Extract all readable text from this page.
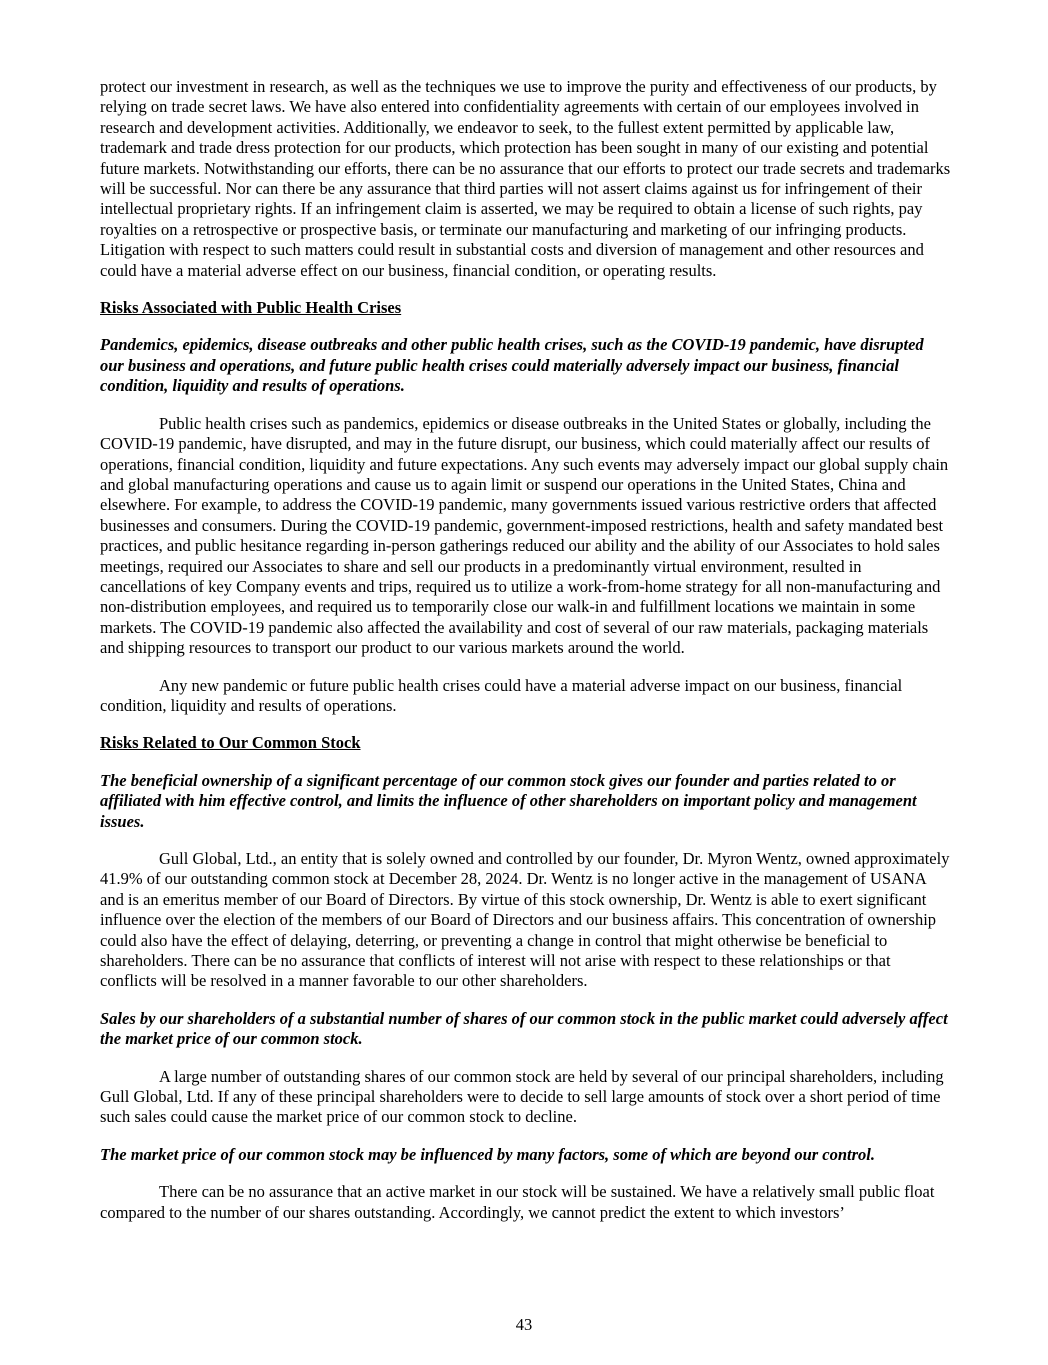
protect our investment in research, as well as the techniques we use to improve the purity and effectiveness of our products, by relying on trade secret laws. We have also entered into confidentiality agreements with certain of our employees involved in research and development activities. Additionally, we endeavor to seek, to the fullest extent permitted by applicable law, trademark and trade dress protection for our products, which protection has been sought in many of our existing and potential future markets. Notwithstanding our efforts, there can be no assurance that our efforts to protect our trade secrets and trademarks will be successful. Nor can there be any assurance that third parties will not assert claims against us for infringement of their intellectual proprietary rights. If an infringement claim is asserted, we may be required to obtain a license of such rights, pay royalties on a retrospective or prospective basis, or terminate our manufacturing and marketing of our infringing products. Litigation with respect to such matters could result in substantial costs and diversion of management and other resources and could have a material adverse effect on our business, financial condition, or operating results.

Risks Associated with Public Health Crises

Pandemics, epidemics, disease outbreaks and other public health crises, such as the COVID-19 pandemic, have disrupted our business and operations, and future public health crises could materially adversely impact our business, financial condition, liquidity and results of operations.

Public health crises such as pandemics, epidemics or disease outbreaks in the United States or globally, including the COVID-19 pandemic, have disrupted, and may in the future disrupt, our business, which could materially affect our results of operations, financial condition, liquidity and future expectations. Any such events may adversely impact our global supply chain and global manufacturing operations and cause us to again limit or suspend our operations in the United States, China and elsewhere. For example, to address the COVID-19 pandemic, many governments issued various restrictive orders that affected businesses and consumers. During the COVID-19 pandemic, government-imposed restrictions, health and safety mandated best practices, and public hesitance regarding in-person gatherings reduced our ability and the ability of our Associates to hold sales meetings, required our Associates to share and sell our products in a predominantly virtual environment, resulted in cancellations of key Company events and trips, required us to utilize a work-from-home strategy for all non-manufacturing and non-distribution employees, and required us to temporarily close our walk-in and fulfillment locations we maintain in some markets. The COVID-19 pandemic also affected the availability and cost of several of our raw materials, packaging materials and shipping resources to transport our product to our various markets around the world.

Any new pandemic or future public health crises could have a material adverse impact on our business, financial condition, liquidity and results of operations.

Risks Related to Our Common Stock

The beneficial ownership of a significant percentage of our common stock gives our founder and parties related to or affiliated with him effective control, and limits the influence of other shareholders on important policy and management issues.

Gull Global, Ltd., an entity that is solely owned and controlled by our founder, Dr. Myron Wentz, owned approximately 41.9% of our outstanding common stock at December 28, 2024. Dr. Wentz is no longer active in the management of USANA and is an emeritus member of our Board of Directors. By virtue of this stock ownership, Dr. Wentz is able to exert significant influence over the election of the members of our Board of Directors and our business affairs. This concentration of ownership could also have the effect of delaying, deterring, or preventing a change in control that might otherwise be beneficial to shareholders. There can be no assurance that conflicts of interest will not arise with respect to these relationships or that conflicts will be resolved in a manner favorable to our other shareholders.

Sales by our shareholders of a substantial number of shares of our common stock in the public market could adversely affect the market price of our common stock.

A large number of outstanding shares of our common stock are held by several of our principal shareholders, including Gull Global, Ltd. If any of these principal shareholders were to decide to sell large amounts of stock over a short period of time such sales could cause the market price of our common stock to decline.

The market price of our common stock may be influenced by many factors, some of which are beyond our control.

There can be no assurance that an active market in our stock will be sustained. We have a relatively small public float compared to the number of our shares outstanding. Accordingly, we cannot predict the extent to which investors’

43
